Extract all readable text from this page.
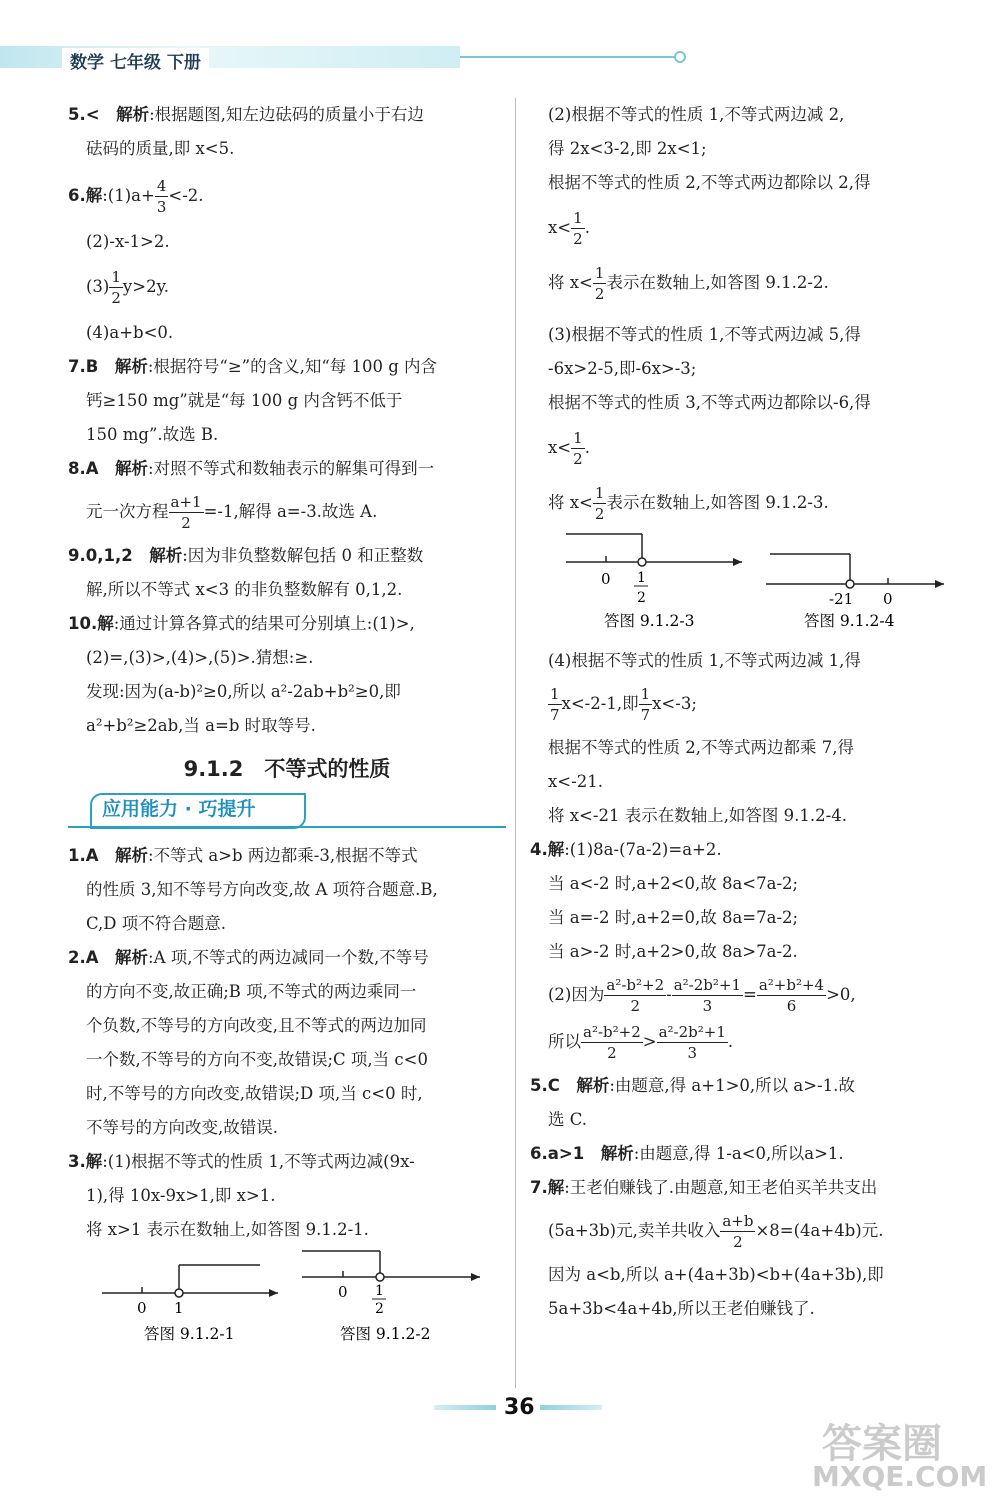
数学 七年级 下册

5.<　 解析:根据题图,知左边砝码的质量小于右边

砝码的质量,即 x<5.

6.解:(1)a+ $\frac{4}{3} <-2$.

(2)-x-1>2.

$(3) \frac{1}{2} y>2y$.

(4)a+b<0.

7.B　 解析:根据符号“≥”的含义,知“每 100 g 内含

钙≥150 mg”就是“每 100 g 内含钙不低于

150 mg”.故选 B.

8.A　 解析:对照不等式和数轴表示的解集可得到一

元一次方程 $\frac{a+1}{2} =-1$,解得 a=-3.故选 A.

9.0,1,2　 解析:因为非负整数解包括 0 和正整数

解,所以不等式 x<3 的非负整数解有 0,1,2.

10.解:通过计算各算式的结果可分别填上:(1)>,

(2)=,(3)>,(4)>,(5)>.猜想:≥.

发现:因为(a-b)²≥0,所以 a²-2ab+b²≥0,即

a²+b²≥2ab,当 a=b 时取等号.

9.1.2　不等式的性质
应用能力 · 巧提升

1.A　 解析:不等式 a>b 两边都乘-3,根据不等式

的性质 3,知不等号方向改变,故 A 项符合题意.B,

C,D 项不符合题意.

2.A　 解析:A 项,不等式的两边减同一个数,不等号

的方向不变,故正确;B 项,不等式的两边乘同一

个负数,不等号的方向改变,且不等式的两边加同

一个数,不等号的方向不变,故错误;C 项,当 c<0

时,不等号的方向改变,故错误;D 项,当 c<0 时,

不等号的方向改变,故错误.

3.解:(1)根据不等式的性质 1,不等式两边减(9x-

1),得 10x-9x>1,即 x>1.

将 x>1 表示在数轴上,如答图 9.1.2-1.

0 1
答图 9.1.2-1
0 1
2
答图 9.1.2-2

(2)根据不等式的性质 1,不等式两边减 2,

得 2x<3-2,即 2x<1;

根据不等式的性质 2,不等式两边都除以 2,得

$x< \frac{1}{2}$ .

将 $x< \frac{1}{2}$ 表示在数轴上,如答图 9.1.2-2.

(3)根据不等式的性质 1,不等式两边减 5,得

-6x>2-5,即-6x>-3;

根据不等式的性质 3,不等式两边都除以-6,得

$x< \frac{1}{2}$ .

将 $x< \frac{1}{2}$ 表示在数轴上,如答图 9.1.2-3.

0 1
2
答图 9.1.2-3
-21 0
答图 9.1.2-4

(4)根据不等式的性质 1,不等式两边减 1,得

$\frac{1}{7} x<-2-1$,即 $\frac{1}{7} x<-3$;

根据不等式的性质 2,不等式两边都乘 7,得

x<-21.

将 x<-21 表示在数轴上,如答图 9.1.2-4.

4.解:(1)8a-(7a-2)=a+2.

当 a<-2 时,a+2<0,故 8a<7a-2;

当 a=-2 时,a+2=0,故 8a=7a-2;

当 a>-2 时,a+2>0,故 8a>7a-2.

(2)因为 $\frac{\text{a²-b²+2}}{2} - \frac{\text{a²-2b²+1}}{3} = \frac{\text{a²+b²+4}}{6} >0$,

所以 $\frac{\text{a²-b²+2}}{2} > \frac{\text{a²-2b²+1}}{3}$ .

5.C　 解析:由题意,得 a+1>0,所以 a>-1.故

选 C.

6.a>1　 解析:由题意,得 1-a<0,所以a>1.

7.解:王老伯赚钱了.由题意,知王老伯买羊共支出

(5a+3b)元,卖羊共收入 $\frac{a+b}{2} \times 8=(4a+4b)$元.

因为 a<b,所以 a+(4a+3b)<b+(4a+3b),即

5a+3b<4a+4b,所以王老伯赚钱了.

36
答案圈
MXQE.COM
